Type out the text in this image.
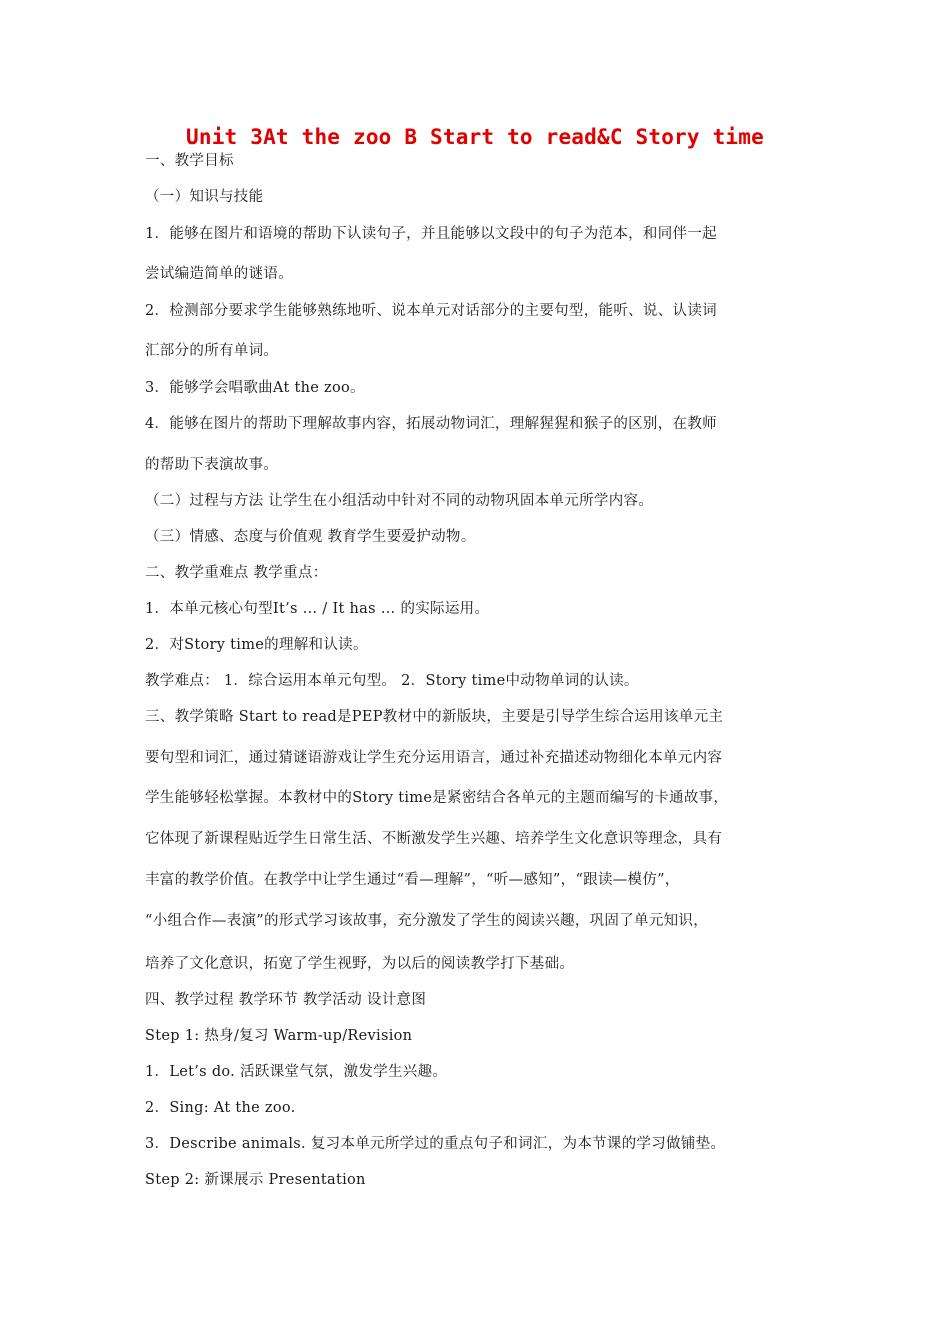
Unit 3At the zoo B Start to read&C Story time
一、教学目标
（一）知识与技能
1．能够在图片和语境的帮助下认读句子，并且能够以文段中的句子为范本，和同伴一起
尝试编造简单的谜语。
2．检测部分要求学生能够熟练地听、说本单元对话部分的主要句型，能听、说、认读词
汇部分的所有单词。
3．能够学会唱歌曲At the zoo。
4．能够在图片的帮助下理解故事内容，拓展动物词汇，理解猩猩和猴子的区别，在教师
的帮助下表演故事。
（二）过程与方法 让学生在小组活动中针对不同的动物巩固本单元所学内容。
（三）情感、态度与价值观 教育学生要爱护动物。
二、教学重难点 教学重点：
1．本单元核心句型It’s … / It has … 的实际运用。
2．对Story time的理解和认读。
教学难点： 1．综合运用本单元句型。 2．Story time中动物单词的认读。
三、教学策略 Start to read是PEP教材中的新版块，主要是引导学生综合运用该单元主
要句型和词汇，通过猜谜语游戏让学生充分运用语言，通过补充描述动物细化本单元内容
学生能够轻松掌握。本教材中的Story time是紧密结合各单元的主题而编写的卡通故事，
它体现了新课程贴近学生日常生活、不断激发学生兴趣、培养学生文化意识等理念，具有
丰富的教学价值。在教学中让学生通过“看—理解”，“听—感知”，“跟读—模仿”，
“小组合作—表演”的形式学习该故事，充分激发了学生的阅读兴趣，巩固了单元知识，
培养了文化意识，拓宽了学生视野，为以后的阅读教学打下基础。
四、教学过程 教学环节 教学活动 设计意图
Step 1: 热身/复习 Warm-up/Revision
1．Let’s do. 活跃课堂气氛，激发学生兴趣。
2．Sing: At the zoo.
3．Describe animals. 复习本单元所学过的重点句子和词汇，为本节课的学习做铺垫。
Step 2: 新课展示 Presentation
